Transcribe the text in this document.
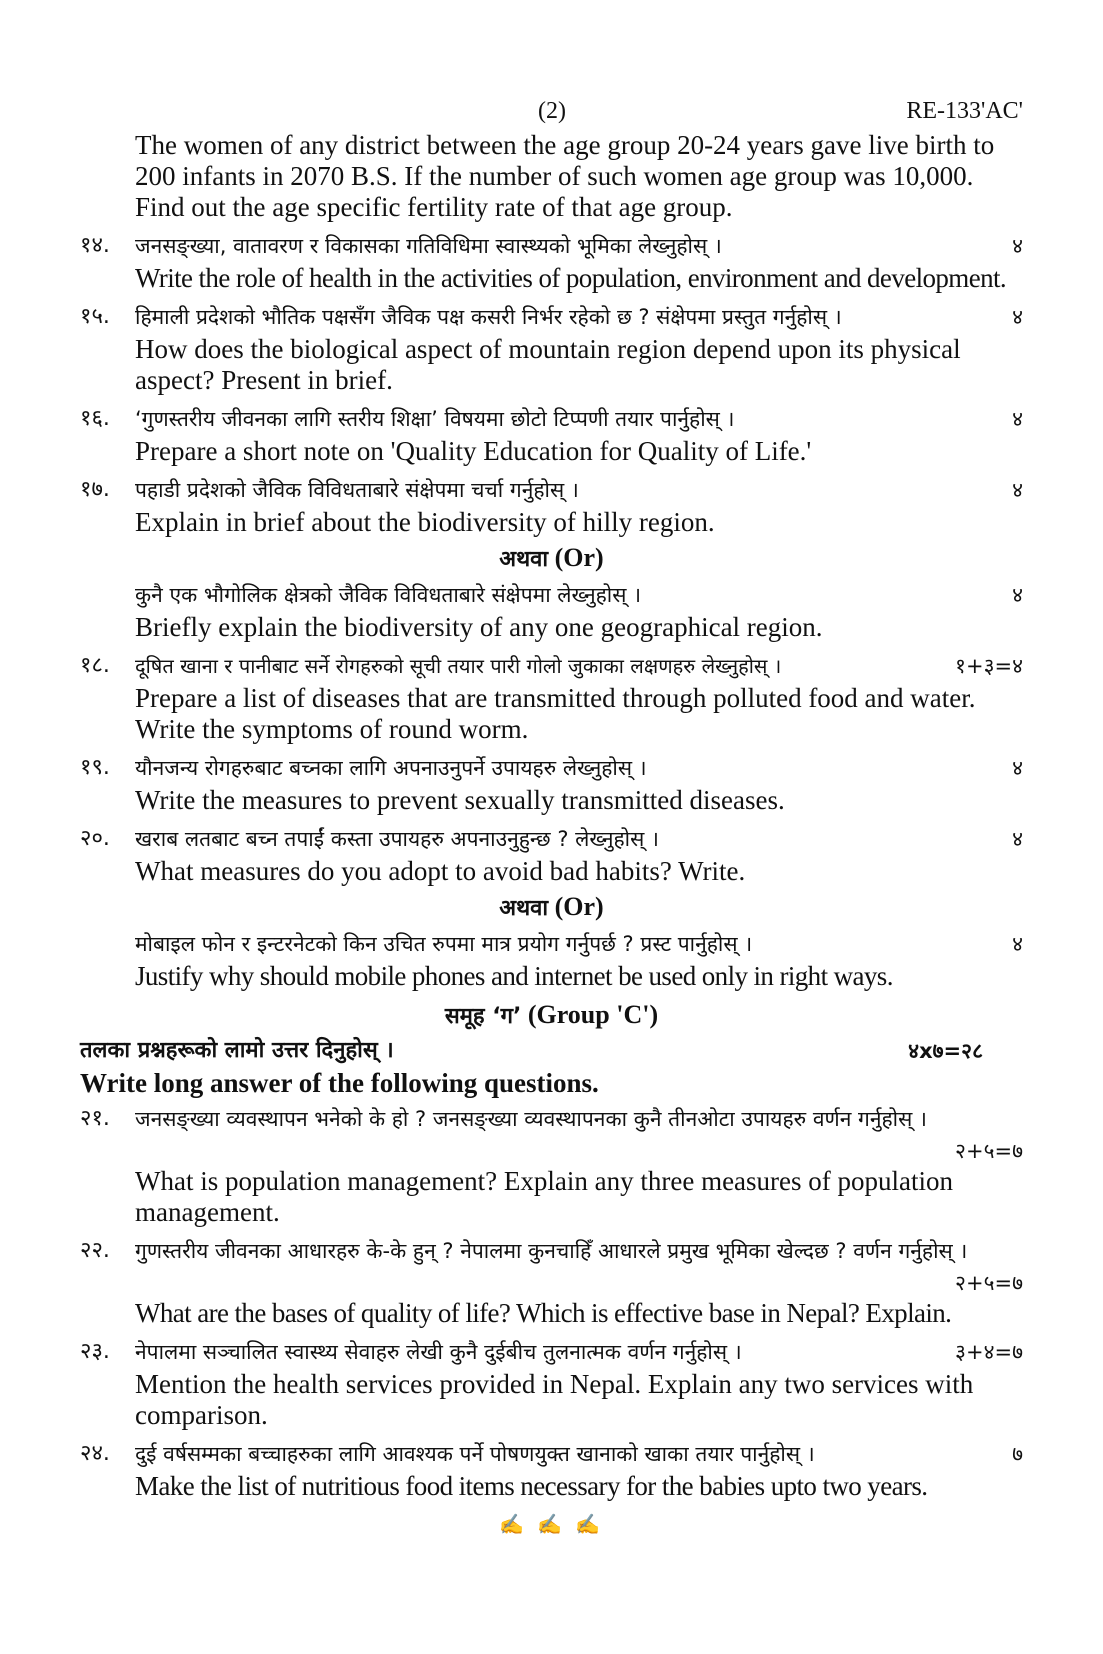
(2)	RE-133'AC'
The women of any district between the age group 20-24 years gave live birth to 200 infants in 2070 B.S. If the number of such women age group was 10,000. Find out the age specific fertility rate of that age group.
१४. जनसङ्ख्या, वातावरण र विकासका गतिविधिमा स्वास्थ्यको भूमिका लेख्नुहोस् ।	४
Write the role of health in the activities of population, environment and development.
१५. हिमाली प्रदेशको भौतिक पक्षसँग जैविक पक्ष कसरी निर्भर रहेको छ ? संक्षेपमा प्रस्तुत गर्नुहोस् ।	४
How does the biological aspect of mountain region depend upon its physical aspect? Present in brief.
१६. ‘गुणस्तरीय जीवनका लागि स्तरीय शिक्षा’ विषयमा छोटो टिप्पणी तयार पार्नुहोस् ।	४
Prepare a short note on 'Quality Education for Quality of Life.'
१७. पहाडी प्रदेशको जैविक विविधताबारे संक्षेपमा चर्चा गर्नुहोस् ।	४
Explain in brief about the biodiversity of hilly region.
अथवा (Or)
कुनै एक भौगोलिक क्षेत्रको जैविक विविधताबारे संक्षेपमा लेख्नुहोस् ।	४
Briefly explain the biodiversity of any one geographical region.
१८. दूषित खाना र पानीबाट सर्ने रोगहरुको सूची तयार पारी गोलो जुकाका लक्षणहरु लेख्नुहोस् ।	१+३=४
Prepare a list of diseases that are transmitted through polluted food and water. Write the symptoms of round worm.
१९. यौनजन्य रोगहरुबाट बच्नका लागि अपनाउनुपर्ने उपायहरु लेख्नुहोस् ।	४
Write the measures to prevent sexually transmitted diseases.
२०. खराब लतबाट बच्न तपाईं कस्ता उपायहरु अपनाउनुहुन्छ ? लेख्नुहोस् ।	४
What measures do you adopt to avoid bad habits? Write.
अथवा (Or)
मोबाइल फोन र इन्टरनेटको किन उचित रुपमा मात्र प्रयोग गर्नुपर्छ ? प्रस्ट पार्नुहोस् ।	४
Justify why should mobile phones and internet be used only in right ways.
समूह ‘ग’ (Group 'C')
तलका प्रश्नहरूको लामो उत्तर दिनुहोस् ।	४x७=२८
Write long answer of the following questions.
२१. जनसङ्ख्या व्यवस्थापन भनेको के हो ? जनसङ्ख्या व्यवस्थापनका कुनै तीनओटा उपायहरु वर्णन गर्नुहोस् ।
२+५=७
What is population management? Explain any three measures of population management.
२२. गुणस्तरीय जीवनका आधारहरु के-के हुन् ? नेपालमा कुनचाहिँ आधारले प्रमुख भूमिका खेल्दछ ? वर्णन गर्नुहोस् ।
२+५=७
What are the bases of quality of life? Which is effective base in Nepal? Explain.
२३. नेपालमा सञ्चालित स्वास्थ्य सेवाहरु लेखी कुनै दुईबीच तुलनात्मक वर्णन गर्नुहोस् ।	३+४=७
Mention the health services provided in Nepal. Explain any two services with comparison.
२४. दुई वर्षसम्मका बच्चाहरुका लागि आवश्यक पर्ने पोषणयुक्त खानाको खाका तयार पार्नुहोस् ।	७
Make the list of nutritious food items necessary for the babies upto two years.
✍ ✍ ✍
